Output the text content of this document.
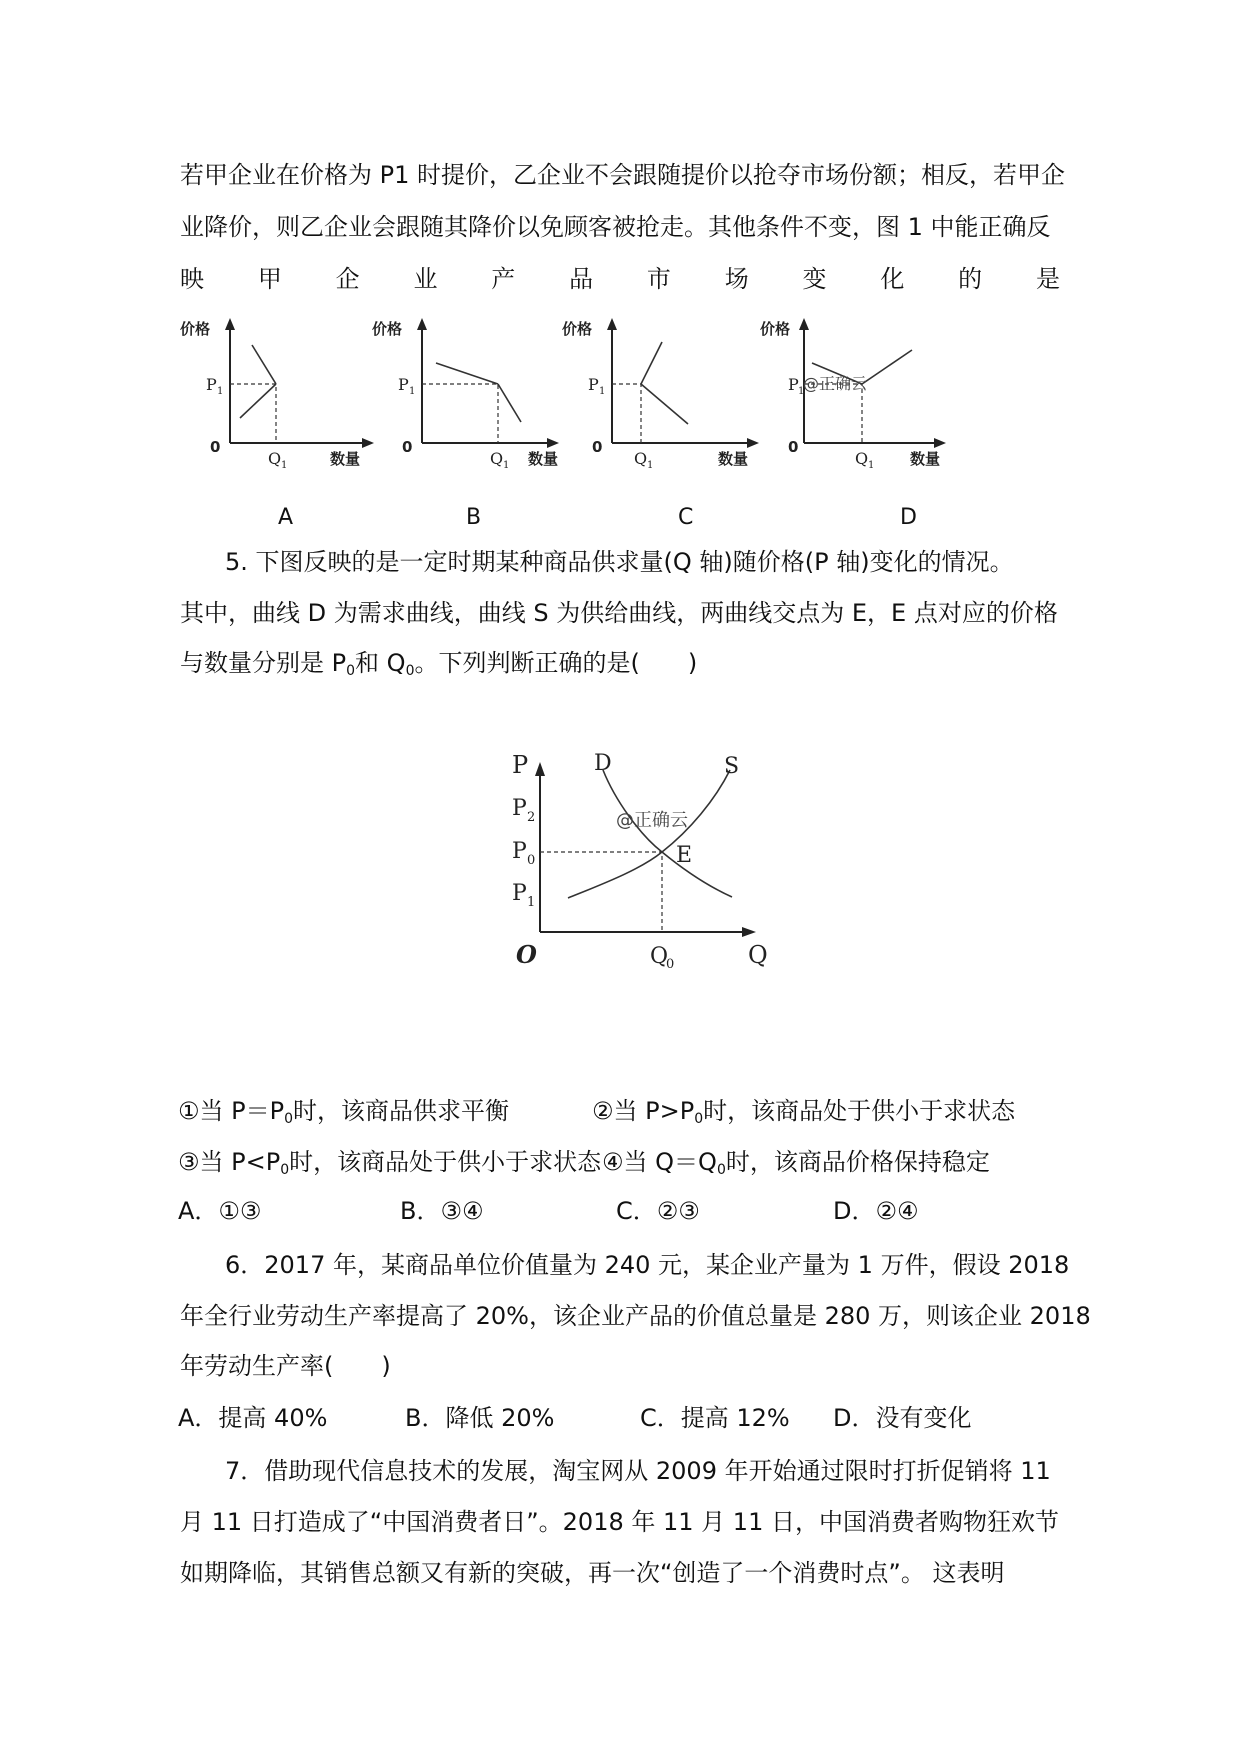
若甲企业在价格为 P1 时提价，乙企业不会跟随提价以抢夺市场份额；相反，若甲企
业降价，则乙企业会跟随其降价以免顾客被抢走。其他条件不变，图 1 中能正确反
映 甲 企 业 产 品 市 场 变 化 的 是
价格
P 1
0
Q 1	数量
价格
P 1
0
Q 1 数量
价格
P 1
0
Q 1	数量
价格
P 1
0
Q 1 数量
@正确云
A	B	C	D
5. 下图反映的是一定时期某种商品供求量(Q 轴)随价格(P 轴)变化的情况。
其中，曲线 D 为需求曲线，曲线 S 为供给曲线，两曲线交点为 E，E 点对应的价格
与数量分别是 $P_0$和 $Q_0$。下列判断正确的是(　　)
P
P 2
P 0
P 1
O	Q
0	Q
D	S
E
@正确云
①当 $P=P_0$时，该商品供求平衡	②当 $P>P_0$时，该商品处于供小于求状态
③当 $P<P_0$时，该商品处于供小于求状态 ④当 $Q=Q_0$时，该商品价格保持稳定
A．①③	B．③④	C．②③	D．②④
6．2017 年，某商品单位价值量为 240 元，某企业产量为 1 万件，假设 2018
年全行业劳动生产率提高了 20%，该企业产品的价值总量是 280 万，则该企业 2018
年劳动生产率(　　)
A．提高 40%	B．降低 20%	C．提高 12% D．没有变化
7．借助现代信息技术的发展，淘宝网从 2009 年开始通过限时打折促销将 11
月 11 日打造成了“中国消费者日”。2018 年 11 月 11 日，中国消费者购物狂欢节
如期降临，其销售总额又有新的突破，再一次“创造了一个消费时点”。 这表明
